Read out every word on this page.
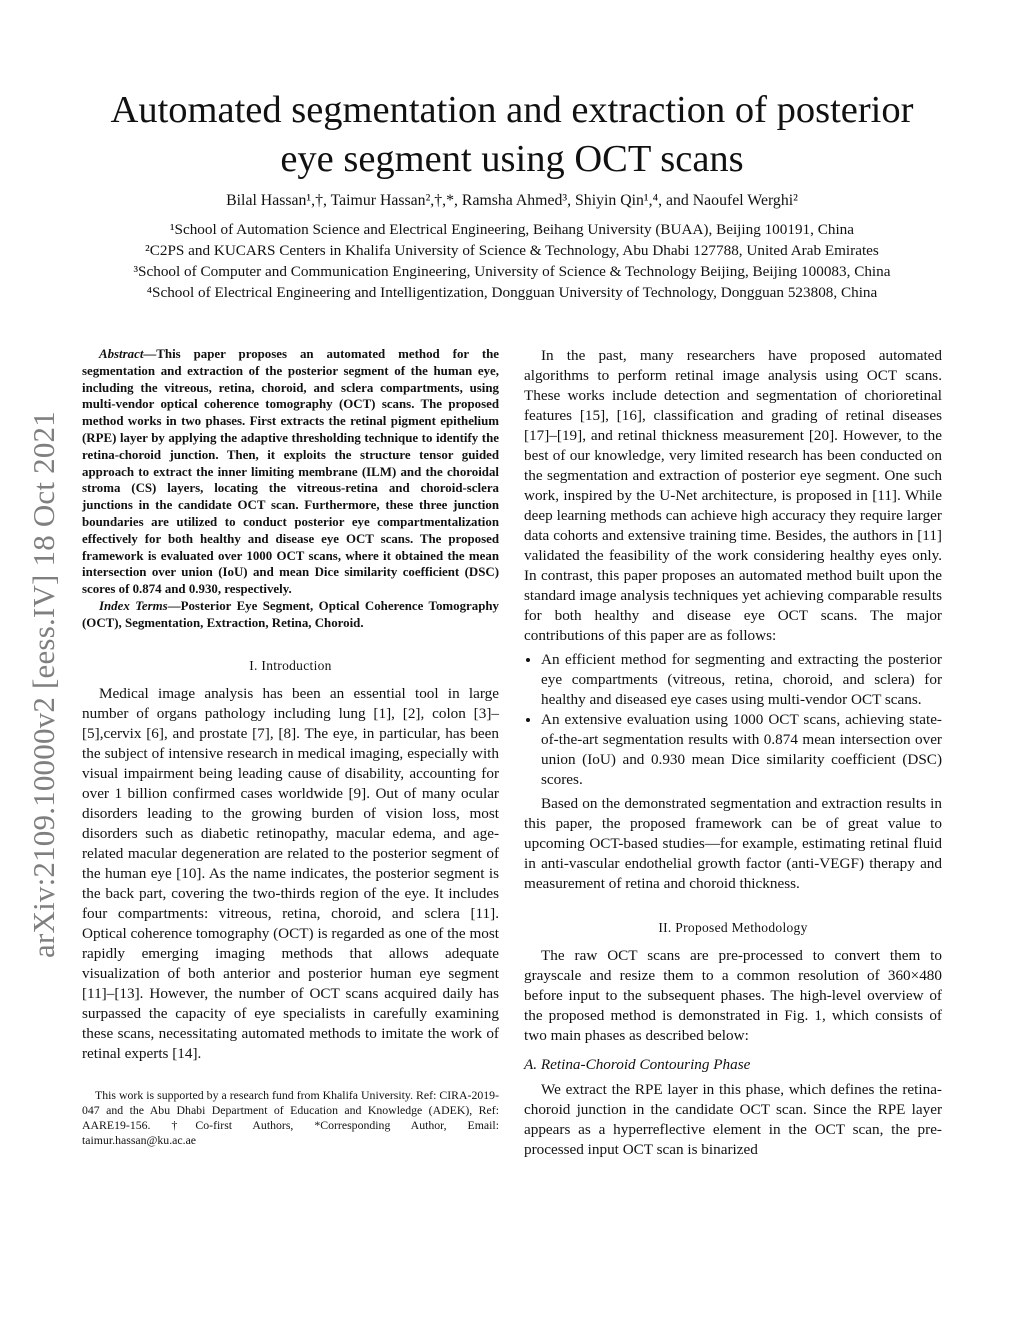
Automated segmentation and extraction of posterior
eye segment using OCT scans
Bilal Hassan¹,†, Taimur Hassan²,†,*, Ramsha Ahmed³, Shiyin Qin¹,⁴, and Naoufel Werghi²
¹School of Automation Science and Electrical Engineering, Beihang University (BUAA), Beijing 100191, China
²C2PS and KUCARS Centers in Khalifa University of Science & Technology, Abu Dhabi 127788, United Arab Emirates
³School of Computer and Communication Engineering, University of Science & Technology Beijing, Beijing 100083, China
⁴School of Electrical Engineering and Intelligentization, Dongguan University of Technology, Dongguan 523808, China
arXiv:2109.10000v2 [eess.IV] 18 Oct 2021

Abstract—This paper proposes an automated method for the segmentation and extraction of the posterior segment of the human eye, including the vitreous, retina, choroid, and sclera compartments, using multi-vendor optical coherence tomography (OCT) scans. The proposed method works in two phases. First extracts the retinal pigment epithelium (RPE) layer by applying the adaptive thresholding technique to identify the retina-choroid junction. Then, it exploits the structure tensor guided approach to extract the inner limiting membrane (ILM) and the choroidal stroma (CS) layers, locating the vitreous-retina and choroid-sclera junctions in the candidate OCT scan. Furthermore, these three junction boundaries are utilized to conduct posterior eye compartmentalization effectively for both healthy and disease eye OCT scans. The proposed framework is evaluated over 1000 OCT scans, where it obtained the mean intersection over union (IoU) and mean Dice similarity coefficient (DSC) scores of 0.874 and 0.930, respectively.

Index Terms—Posterior Eye Segment, Optical Coherence Tomography (OCT), Segmentation, Extraction, Retina, Choroid.

I. Introduction

Medical image analysis has been an essential tool in large number of organs pathology including lung [1], [2], colon [3]–[5],cervix [6], and prostate [7], [8]. The eye, in particular, has been the subject of intensive research in medical imaging, especially with visual impairment being leading cause of disability, accounting for over 1 billion confirmed cases worldwide [9]. Out of many ocular disorders leading to the growing burden of vision loss, most disorders such as diabetic retinopathy, macular edema, and age-related macular degeneration are related to the posterior segment of the human eye [10]. As the name indicates, the posterior segment is the back part, covering the two-thirds region of the eye. It includes four compartments: vitreous, retina, choroid, and sclera [11]. Optical coherence tomography (OCT) is regarded as one of the most rapidly emerging imaging methods that allows adequate visualization of both anterior and posterior human eye segment [11]–[13]. However, the number of OCT scans acquired daily has surpassed the capacity of eye specialists in carefully examining these scans, necessitating automated methods to imitate the work of retinal experts [14].

This work is supported by a research fund from Khalifa University. Ref: CIRA-2019-047 and the Abu Dhabi Department of Education and Knowledge (ADEK), Ref: AARE19-156. †Co-first Authors, *Corresponding Author, Email: taimur.hassan@ku.ac.ae

In the past, many researchers have proposed automated algorithms to perform retinal image analysis using OCT scans. These works include detection and segmentation of chorioretinal features [15], [16], classification and grading of retinal diseases [17]–[19], and retinal thickness measurement [20]. However, to the best of our knowledge, very limited research has been conducted on the segmentation and extraction of posterior eye segment. One such work, inspired by the U-Net architecture, is proposed in [11]. While deep learning methods can achieve high accuracy they require larger data cohorts and extensive training time. Besides, the authors in [11] validated the feasibility of the work considering healthy eyes only. In contrast, this paper proposes an automated method built upon the standard image analysis techniques yet achieving comparable results for both healthy and disease eye OCT scans. The major contributions of this paper are as follows:

• An efficient method for segmenting and extracting the posterior eye compartments (vitreous, retina, choroid, and sclera) for healthy and diseased eye cases using multi-vendor OCT scans.
• An extensive evaluation using 1000 OCT scans, achieving state-of-the-art segmentation results with 0.874 mean intersection over union (IoU) and 0.930 mean Dice similarity coefficient (DSC) scores.

Based on the demonstrated segmentation and extraction results in this paper, the proposed framework can be of great value to upcoming OCT-based studies—for example, estimating retinal fluid in anti-vascular endothelial growth factor (anti-VEGF) therapy and measurement of retina and choroid thickness.

II. Proposed Methodology

The raw OCT scans are pre-processed to convert them to grayscale and resize them to a common resolution of 360×480 before input to the subsequent phases. The high-level overview of the proposed method is demonstrated in Fig. 1, which consists of two main phases as described below:

A. Retina-Choroid Contouring Phase

We extract the RPE layer in this phase, which defines the retina-choroid junction in the candidate OCT scan. Since the RPE layer appears as a hyperreflective element in the OCT scan, the pre-processed input OCT scan is binarized
